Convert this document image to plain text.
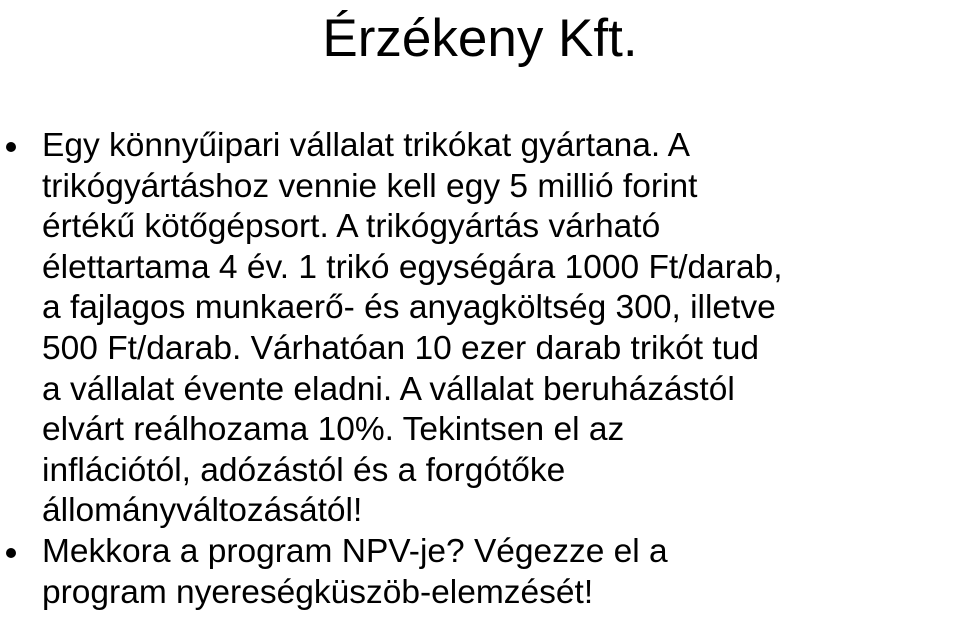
Érzékeny Kft.
Egy könnyűipari vállalat trikókat gyártana. A
trikógyártáshoz vennie kell egy 5 millió forint
értékű kötőgépsort. A trikógyártás várható
élettartama 4 év. 1 trikó egységára 1000 Ft/darab,
a fajlagos munkaerő- és anyagköltség 300, illetve
500 Ft/darab. Várhatóan 10 ezer darab trikót tud
a vállalat évente eladni. A vállalat beruházástól
elvárt reálhozama 10%. Tekintsen el az
inflációtól, adózástól és a forgótőke
állományváltozásától!
Mekkora a program NPV-je? Végezze el a
program nyereségküszöb-elemzését!
